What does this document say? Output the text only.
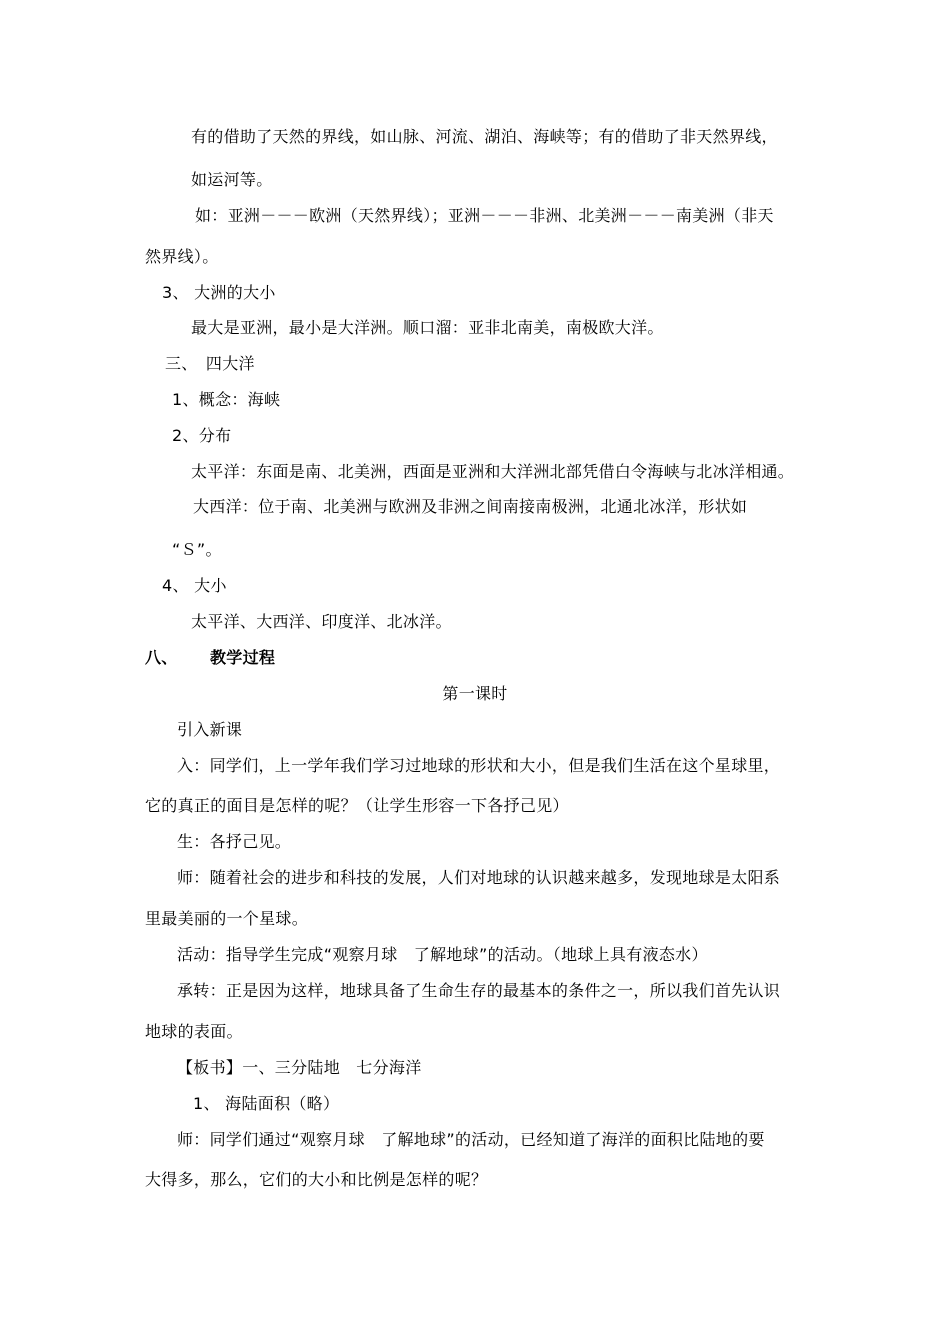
有的借助了天然的界线，如山脉、河流、湖泊、海峡等；有的借助了非天然界线，
如运河等。
如：亚洲－－－欧洲（天然界线）；亚洲－－－非洲、北美洲－－－南美洲（非天
然界线）。
3、 大洲的大小
最大是亚洲，最小是大洋洲。顺口溜：亚非北南美，南极欧大洋。
三、　四大洋
1、概念：海峡
2、分布
太平洋：东面是南、北美洲，西面是亚洲和大洋洲北部凭借白令海峡与北冰洋相通。
大西洋：位于南、北美洲与欧洲及非洲之间南接南极洲，北通北冰洋，形状如
“Ｓ”。
4、 大小
太平洋、大西洋、印度洋、北冰洋。
八、 教学过程
第一课时
引入新课
入：同学们，上一学年我们学习过地球的形状和大小，但是我们生活在这个星球里，
它的真正的面目是怎样的呢？（让学生形容一下各抒己见）
生：各抒己见。
师：随着社会的进步和科技的发展，人们对地球的认识越来越多，发现地球是太阳系
里最美丽的一个星球。
活动：指导学生完成“观察月球　了解地球”的活动。（地球上具有液态水）
承转：正是因为这样，地球具备了生命生存的最基本的条件之一，所以我们首先认识
地球的表面。
【板书】一、三分陆地　七分海洋
1、 海陆面积（略）
师：同学们通过“观察月球　了解地球”的活动，已经知道了海洋的面积比陆地的要
大得多，那么，它们的大小和比例是怎样的呢？
